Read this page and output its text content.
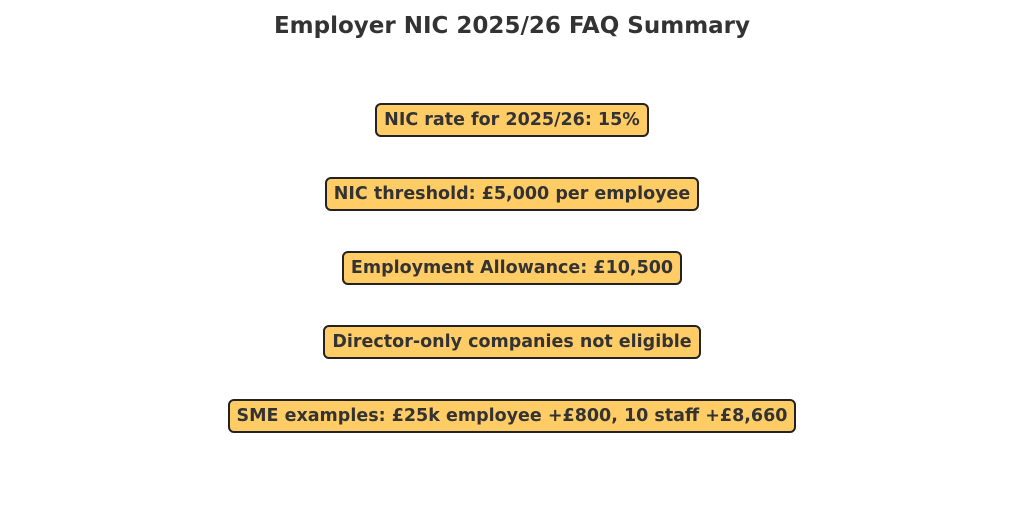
Employer NIC 2025/26 FAQ Summary
NIC rate for 2025/26: 15%
NIC threshold: £5,000 per employee
Employment Allowance: £10,500
Director-only companies not eligible
SME examples: £25k employee +£800, 10 staff +£8,660
